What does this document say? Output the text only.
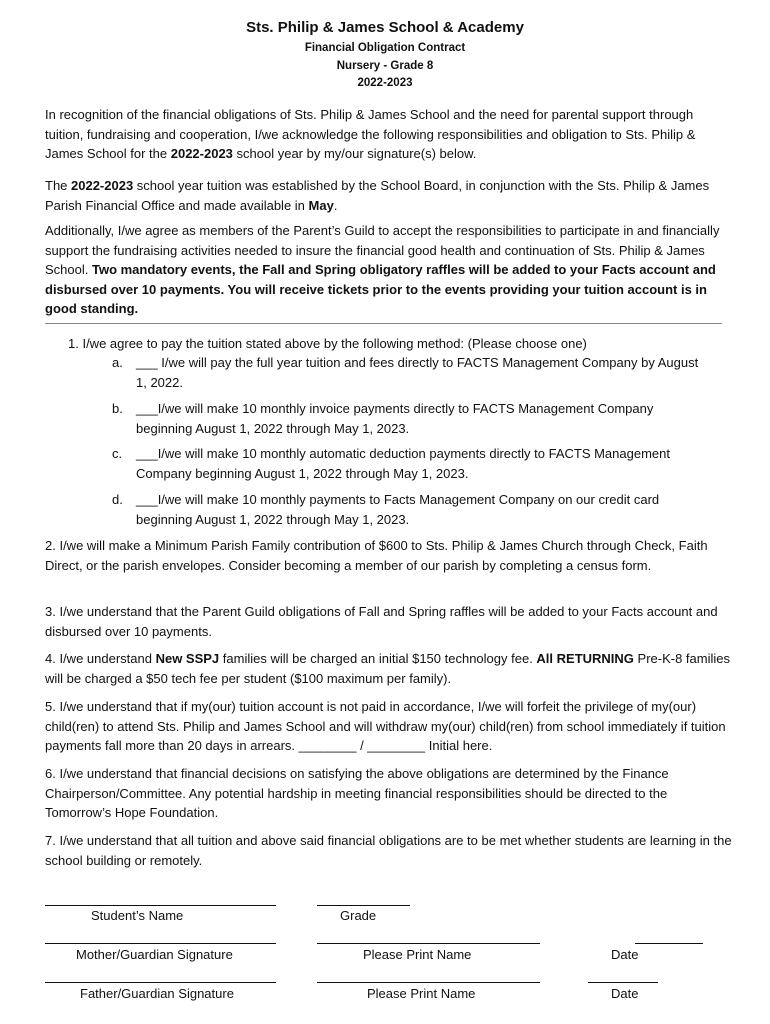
Sts. Philip & James School & Academy
Financial Obligation Contract
Nursery - Grade 8
2022-2023
In recognition of the financial obligations of Sts. Philip & James School and the need for parental support through tuition, fundraising and cooperation, I/we acknowledge the following responsibilities and obligation to Sts. Philip & James School for the 2022-2023 school year by my/our signature(s) below.
The 2022-2023 school year tuition was established by the School Board, in conjunction with the Sts. Philip & James Parish Financial Office and made available in May.
Additionally, I/we agree as members of the Parent’s Guild to accept the responsibilities to participate in and financially support the fundraising activities needed to insure the financial good health and continuation of Sts. Philip & James School. Two mandatory events, the Fall and Spring obligatory raffles will be added to your Facts account and disbursed over 10 payments. You will receive tickets prior to the events providing your tuition account is in good standing.
1. I/we agree to pay the tuition stated above by the following method: (Please choose one)
a.	___ I/we will pay the full year tuition and fees directly to FACTS Management Company by August 1, 2022.
b.	___I/we will make 10 monthly invoice payments directly to FACTS Management Company beginning August 1, 2022 through May 1, 2023.
c.	___I/we will make 10 monthly automatic deduction payments directly to FACTS Management Company beginning August 1, 2022 through May 1, 2023.
d.	___I/we will make 10 monthly payments to Facts Management Company on our credit card beginning August 1, 2022 through May 1, 2023.
2. I/we will make a Minimum Parish Family contribution of $600 to Sts. Philip & James Church through Check, Faith Direct, or the parish envelopes. Consider becoming a member of our parish by completing a census form.
3. I/we understand that the Parent Guild obligations of Fall and Spring raffles will be added to your Facts account and disbursed over 10 payments.
4. I/we understand New SSPJ families will be charged an initial $150 technology fee. All RETURNING Pre-K-8 families will be charged a $50 tech fee per student ($100 maximum per family).
5. I/we understand that if my(our) tuition account is not paid in accordance, I/we will forfeit the privilege of my(our) child(ren) to attend Sts. Philip and James School and will withdraw my(our) child(ren) from school immediately if tuition payments fall more than 20 days in arrears. ________ / ________ Initial here.
6. I/we understand that financial decisions on satisfying the above obligations are determined by the Finance Chairperson/Committee. Any potential hardship in meeting financial responsibilities should be directed to the Tomorrow’s Hope Foundation.
7. I/we understand that all tuition and above said financial obligations are to be met whether students are learning in the school building or remotely.
Student’s Name	Grade
Mother/Guardian Signature	Please Print Name	Date
Father/Guardian Signature	Please Print Name	Date
